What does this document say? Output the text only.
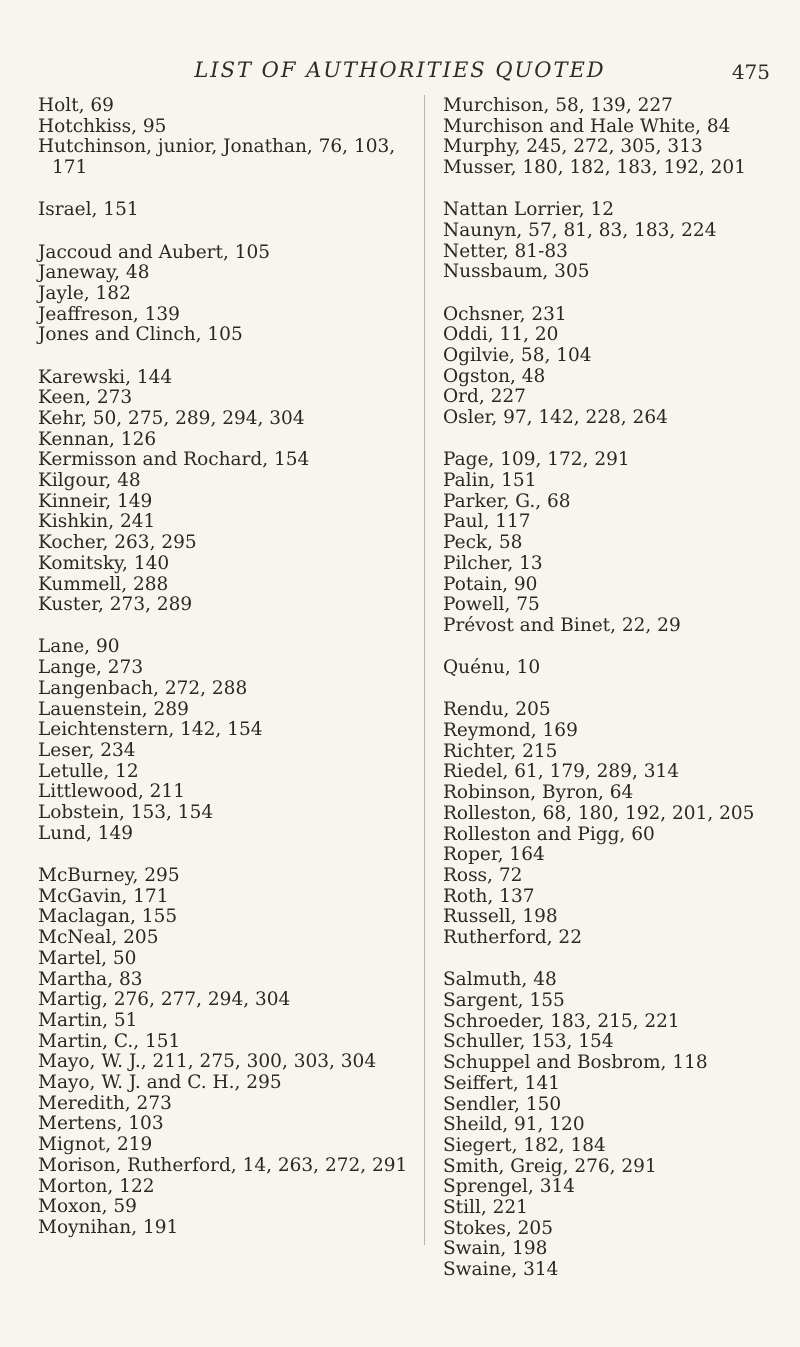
LIST OF AUTHORITIES QUOTED	475
Holt, 69
Hotchkiss, 95
Hutchinson, junior, Jonathan, 76, 103, 171
Israel, 151
Jaccoud and Aubert, 105
Janeway, 48
Jayle, 182
Jeaffreson, 139
Jones and Clinch, 105
Karewski, 144
Keen, 273
Kehr, 50, 275, 289, 294, 304
Kennan, 126
Kermisson and Rochard, 154
Kilgour, 48
Kinneir, 149
Kishkin, 241
Kocher, 263, 295
Komitsky, 140
Kummell, 288
Kuster, 273, 289
Lane, 90
Lange, 273
Langenbach, 272, 288
Lauenstein, 289
Leichtenstern, 142, 154
Leser, 234
Letulle, 12
Littlewood, 211
Lobstein, 153, 154
Lund, 149
McBurney, 295
McGavin, 171
Maclagan, 155
McNeal, 205
Martel, 50
Martha, 83
Martig, 276, 277, 294, 304
Martin, 51
Martin, C., 151
Mayo, W. J., 211, 275, 300, 303, 304
Mayo, W. J. and C. H., 295
Meredith, 273
Mertens, 103
Mignot, 219
Morison, Rutherford, 14, 263, 272, 291
Morton, 122
Moxon, 59
Moynihan, 191
Murchison, 58, 139, 227
Murchison and Hale White, 84
Murphy, 245, 272, 305, 313
Musser, 180, 182, 183, 192, 201
Nattan Lorrier, 12
Naunyn, 57, 81, 83, 183, 224
Netter, 81-83
Nussbaum, 305
Ochsner, 231
Oddi, 11, 20
Ogilvie, 58, 104
Ogston, 48
Ord, 227
Osler, 97, 142, 228, 264
Page, 109, 172, 291
Palin, 151
Parker, G., 68
Paul, 117
Peck, 58
Pilcher, 13
Potain, 90
Powell, 75
Prévost and Binet, 22, 29
Quénu, 10
Rendu, 205
Reymond, 169
Richter, 215
Riedel, 61, 179, 289, 314
Robinson, Byron, 64
Rolleston, 68, 180, 192, 201, 205
Rolleston and Pigg, 60
Roper, 164
Ross, 72
Roth, 137
Russell, 198
Rutherford, 22
Salmuth, 48
Sargent, 155
Schroeder, 183, 215, 221
Schuller, 153, 154
Schuppel and Bosbrom, 118
Seiffert, 141
Sendler, 150
Sheild, 91, 120
Siegert, 182, 184
Smith, Greig, 276, 291
Sprengel, 314
Still, 221
Stokes, 205
Swain, 198
Swaine, 314
